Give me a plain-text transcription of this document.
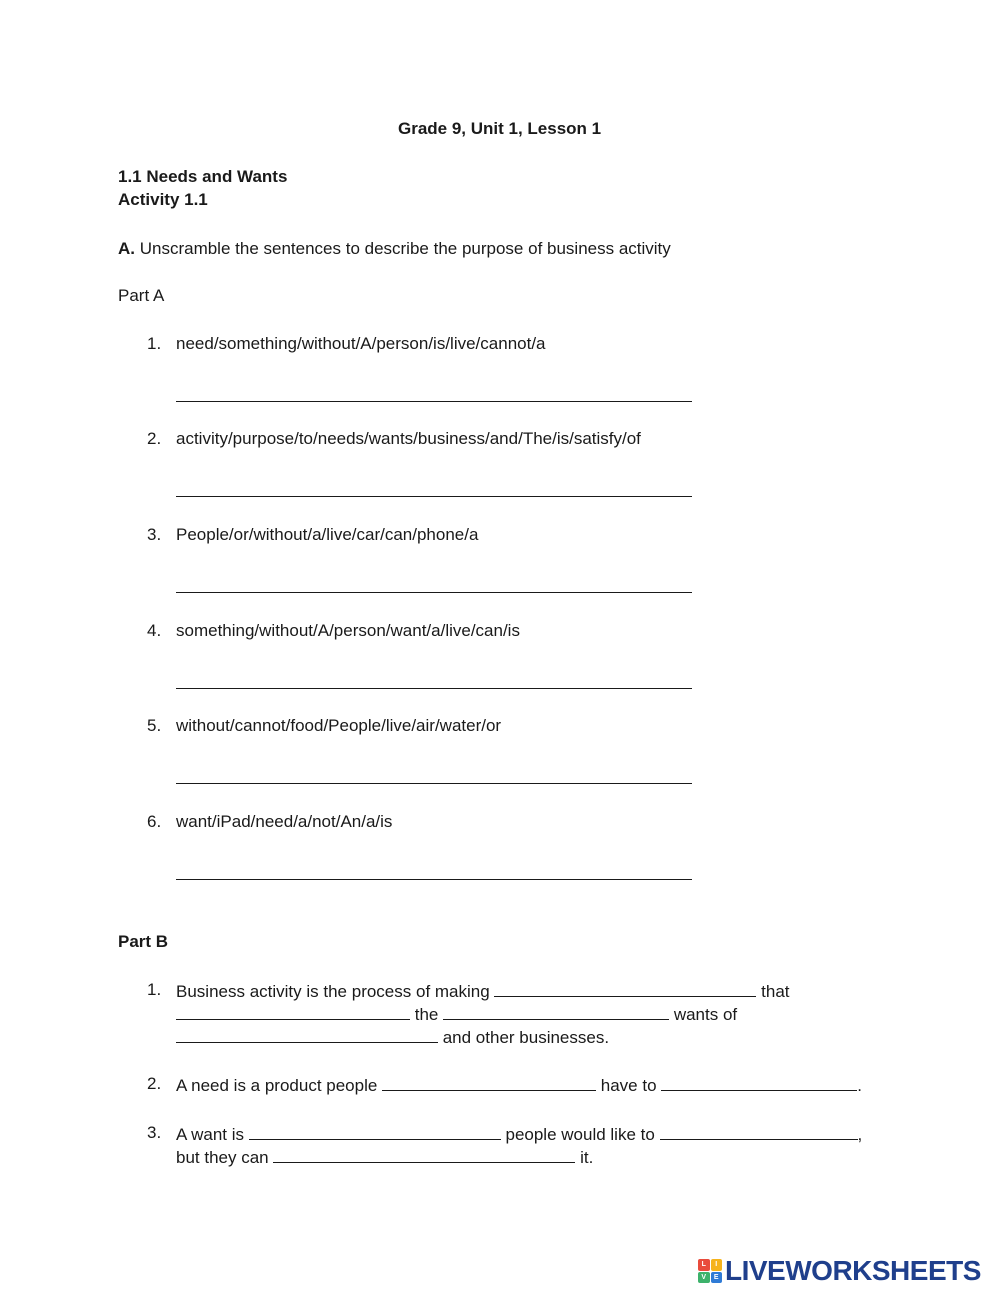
Grade 9, Unit 1, Lesson 1
1.1 Needs and Wants
Activity 1.1
A. Unscramble the sentences to describe the purpose of business activity
Part A
1. need/something/without/A/person/is/live/cannot/a
2. activity/purpose/to/needs/wants/business/and/The/is/satisfy/of
3. People/or/without/a/live/car/can/phone/a
4. something/without/A/person/want/a/live/can/is
5. without/cannot/food/People/live/air/water/or
6. want/iPad/need/a/not/An/a/is
Part B
1. Business activity is the process of making	that
the	wants of
and other businesses.
2. A need is a product people	have to	.
3. A want is	people would like to	,
but they can	it.
L	I
V	E LIVEWORKSHEETS
